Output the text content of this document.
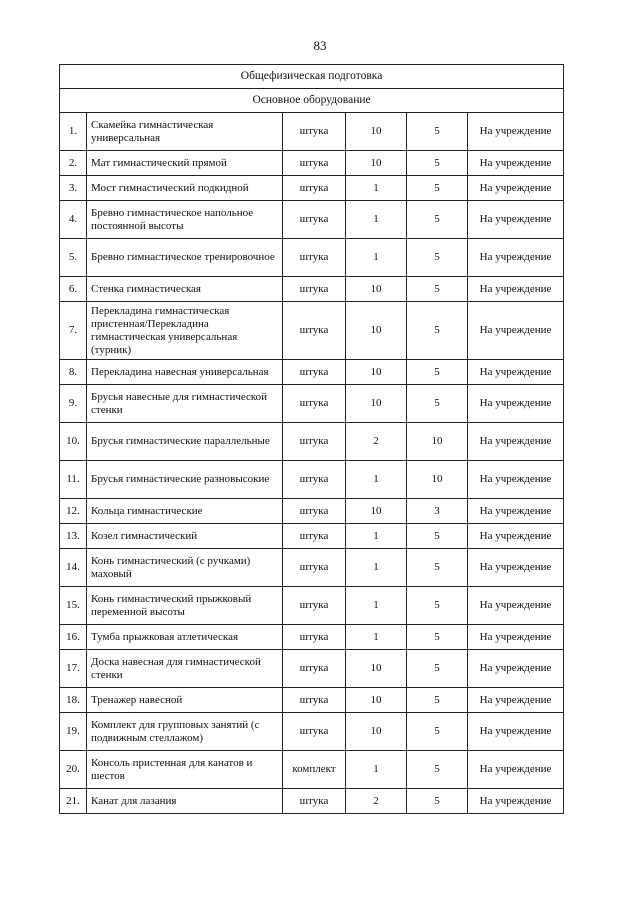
83
Общефизическая подготовка					
Основное оборудование					
1.	Скамейка гимнастическая универсальная	штука	10	5	На учреждение
2.	Мат гимнастический прямой	штука	10	5	На учреждение
3.	Мост гимнастический подкидной	штука	1	5	На учреждение
4.	Бревно гимнастическое напольное постоянной высоты	штука	1	5	На учреждение
5.	Бревно гимнастическое тренировочное	штука	1	5	На учреждение
6.	Стенка гимнастическая	штука	10	5	На учреждение
7.	Перекладина гимнастическая пристенная/Перекладина гимнастическая универсальная (турник)	штука	10	5	На учреждение
8.	Перекладина навесная универсальная	штука	10	5	На учреждение
9.	Брусья навесные для гимнастической стенки	штука	10	5	На учреждение
10.	Брусья гимнастические параллельные	штука	2	10	На учреждение
11.	Брусья гимнастические разновысокие	штука	1	10	На учреждение
12.	Кольца гимнастические	штука	10	3	На учреждение
13.	Козел гимнастический	штука	1	5	На учреждение
14.	Конь гимнастический (с ручками) маховый	штука	1	5	На учреждение
15.	Конь гимнастический прыжковый переменной высоты	штука	1	5	На учреждение
16.	Тумба прыжковая атлетическая	штука	1	5	На учреждение
17.	Доска навесная для гимнастической стенки	штука	10	5	На учреждение
18.	Тренажер навесной	штука	10	5	На учреждение
19.	Комплект для групповых занятий (с подвижным стеллажом)	штука	10	5	На учреждение
20.	Консоль пристенная для канатов и шестов	комплект	1	5	На учреждение
21.	Канат для лазания	штука	2	5	На учреждение
